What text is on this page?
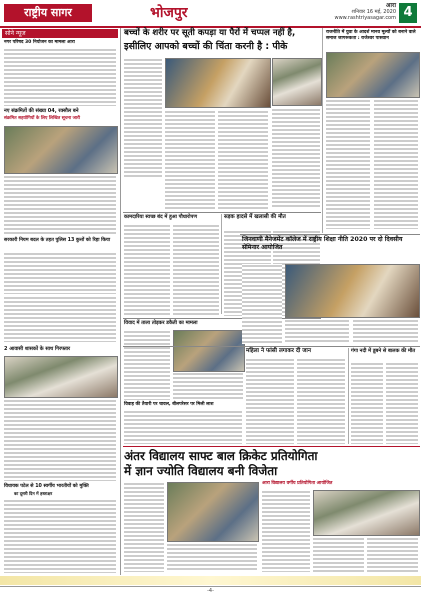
राष्ट्रीय सागर	भोजपुर	आरा
शनिवार 16 मई, 2020
www.rashtriyasagar.com 4
सोने न्यूज
नगर परिषद 30 नियोजन का मामला आरा
नए संक्रमितों की संख्या 04, रक्सौल बने
संक्रमित सहयोगियों के लिए लिखित सूचना जारी
सरकारी नियम बदल के तहत पुलिस 13 कुत्तों को रिहा किया
2 आवासी शासकों के साथ गिरफ्तार
विधायक पटेल से 10 स्वर्गीय भारतीयों को मुक्ति
का दूसरी दिन में हस्ताक्षर
बच्चों के शरीर पर सूती कपड़ा या पैरों में चप्पल नहीं है,
इसीलिए आपको बच्चों की चिंता करनी है : पीके
राजनीति में युवा के आदर्श मानव मूल्यों को बनाने वाले समाज जागरूकता : राजेश्वर पासवान
कामदारिया स्वच्छ बंद में हुआ पौधारोपण	सड़क हादसे में खलासी की मौत
विवाद में ताला तोड़कर डकैती का मामला
जिनवाणी मैनेजमेंट कॉलेज में राष्ट्रीय शिक्षा नीति 2020 पर दो दिवसीय सेमिनार आयोजित
विवाह की तैयारी पर चावल, बीलपरेसर पर मिली लाश
महिला ने फांसी लगाकर दी जान	गंगा नदी में डूबने से बालक की मौत
अंतर विद्यालय साफ्ट बाल क्रिकेट प्रतियोगिता
में ज्ञान ज्योति विद्यालय बनी विजेता
आरा विद्यालय वर्गीय प्रतियोगिता आयोजित
-4-
